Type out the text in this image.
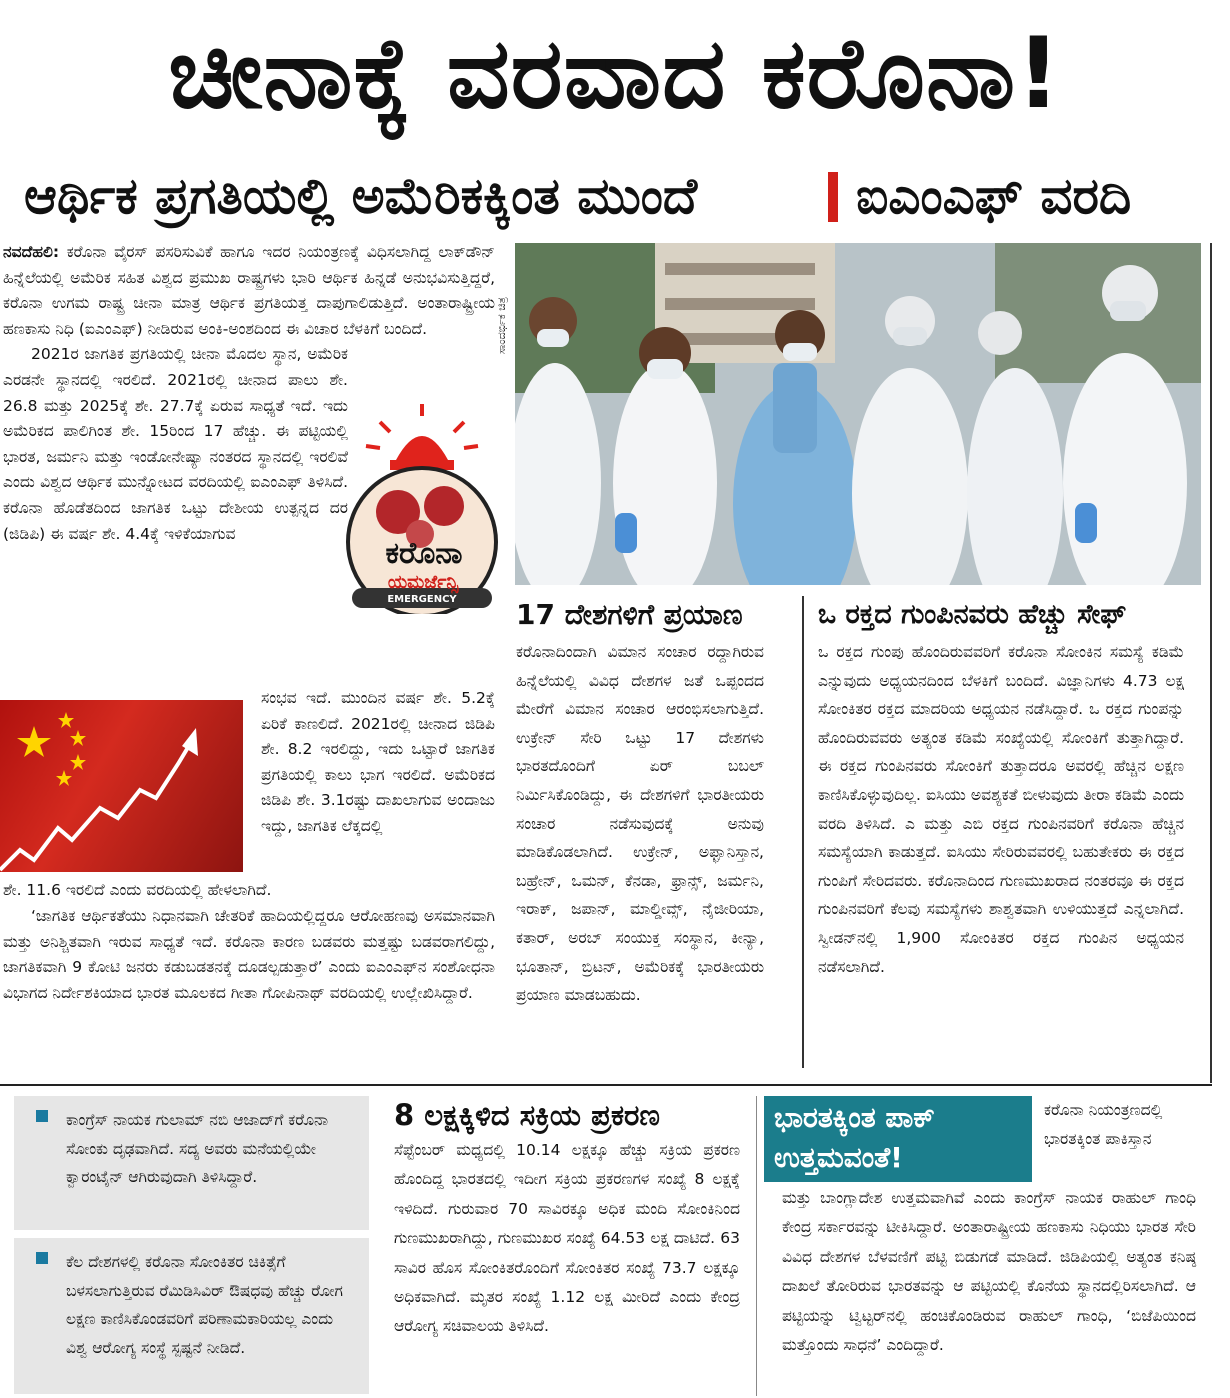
ಚೀನಾಕ್ಕೆ ವರವಾದ ಕರೊನಾ!
ಆರ್ಥಿಕ ಪ್ರಗತಿಯಲ್ಲಿ ಅಮೆರಿಕಕ್ಕಿಂತ ಮುಂದೆ	ಐಎಂಎಫ್ ವರದಿ

ನವದೆಹಲಿ: ಕರೊನಾ ವೈರಸ್ ಪಸರಿಸುವಿಕೆ ಹಾಗೂ ಇದರ ನಿಯಂತ್ರಣಕ್ಕೆ ವಿಧಿಸಲಾಗಿದ್ದ ಲಾಕ್‌ಡೌನ್ ಹಿನ್ನೆಲೆಯಲ್ಲಿ ಅಮೆರಿಕ ಸಹಿತ ವಿಶ್ವದ ಪ್ರಮುಖ ರಾಷ್ಟ್ರಗಳು ಭಾರಿ ಆರ್ಥಿಕ ಹಿನ್ನಡೆ ಅನುಭವಿಸುತ್ತಿದ್ದರೆ, ಕರೊನಾ ಉಗಮ ರಾಷ್ಟ್ರ ಚೀನಾ ಮಾತ್ರ ಆರ್ಥಿಕ ಪ್ರಗತಿಯತ್ತ ದಾಪುಗಾಲಿಡುತ್ತಿದೆ. ಅಂತಾರಾಷ್ಟ್ರೀಯ ಹಣಕಾಸು ನಿಧಿ (ಐಎಂಎಫ್) ನೀಡಿರುವ ಅಂಕಿ-ಅಂಶದಿಂದ ಈ ವಿಚಾರ ಬೆಳಕಿಗೆ ಬಂದಿದೆ.

2021ರ ಜಾಗತಿಕ ಪ್ರಗತಿಯಲ್ಲಿ ಚೀನಾ ಮೊದಲ ಸ್ಥಾನ, ಅಮೆರಿಕ ಎರಡನೇ ಸ್ಥಾನದಲ್ಲಿ ಇರಲಿದೆ. 2021ರಲ್ಲಿ ಚೀನಾದ ಪಾಲು ಶೇ. 26.8 ಮತ್ತು 2025ಕ್ಕೆ ಶೇ. 27.7ಕ್ಕೆ ಏರುವ ಸಾಧ್ಯತೆ ಇದೆ. ಇದು ಅಮೆರಿಕದ ಪಾಲಿಗಿಂತ ಶೇ. 15ರಿಂದ 17 ಹೆಚ್ಚು. ಈ ಪಟ್ಟಿಯಲ್ಲಿ ಭಾರತ, ಜರ್ಮನಿ ಮತ್ತು ಇಂಡೋನೇಷ್ಯಾ ನಂತರದ ಸ್ಥಾನದಲ್ಲಿ ಇರಲಿವೆ ಎಂದು ವಿಶ್ವದ ಆರ್ಥಿಕ ಮುನ್ನೋಟದ ವರದಿಯಲ್ಲಿ ಐಎಂಎಫ್ ತಿಳಿಸಿದೆ. ಕರೊನಾ ಹೊಡೆತದಿಂದ ಜಾಗತಿಕ ಒಟ್ಟು ದೇಶೀಯ ಉತ್ಪನ್ನದ ದರ (ಜಿಡಿಪಿ) ಈ ವರ್ಷ ಶೇ. 4.4ಕ್ಕೆ ಇಳಿಕೆಯಾಗುವ

ಸಂಭವ ಇದೆ. ಮುಂದಿನ ವರ್ಷ ಶೇ. 5.2ಕ್ಕೆ ಏರಿಕೆ ಕಾಣಲಿದೆ. 2021ರಲ್ಲಿ ಚೀನಾದ ಜಿಡಿಪಿ ಶೇ. 8.2 ಇರಲಿದ್ದು, ಇದು ಒಟ್ಟಾರೆ ಜಾಗತಿಕ ಪ್ರಗತಿಯಲ್ಲಿ ಕಾಲು ಭಾಗ ಇರಲಿದೆ. ಅಮೆರಿಕದ ಜಿಡಿಪಿ ಶೇ. 3.1ರಷ್ಟು ದಾಖಲಾಗುವ ಅಂದಾಜು ಇದ್ದು, ಜಾಗತಿಕ ಲೆಕ್ಕದಲ್ಲಿ
ಶೇ. 11.6 ಇರಲಿದೆ ಎಂದು ವರದಿಯಲ್ಲಿ ಹೇಳಲಾಗಿದೆ.

‘ಜಾಗತಿಕ ಆರ್ಥಿಕತೆಯು ನಿಧಾನವಾಗಿ ಚೇತರಿಕೆ ಹಾದಿಯಲ್ಲಿದ್ದರೂ ಆರೋಹಣವು ಅಸಮಾನವಾಗಿ ಮತ್ತು ಅನಿಶ್ಚಿತವಾಗಿ ಇರುವ ಸಾಧ್ಯತೆ ಇದೆ. ಕರೊನಾ ಕಾರಣ ಬಡವರು ಮತ್ತಷ್ಟು ಬಡವರಾಗಲಿದ್ದು, ಜಾಗತಿಕವಾಗಿ 9 ಕೋಟಿ ಜನರು ಕಡುಬಡತನಕ್ಕೆ ದೂಡಲ್ಪಡುತ್ತಾರೆ’ ಎಂದು ಐಎಂಎಫ್‌ನ ಸಂಶೋಧನಾ ವಿಭಾಗದ ನಿರ್ದೇಶಕಿಯಾದ ಭಾರತ ಮೂಲಕದ ಗೀತಾ ಗೋಪಿನಾಥ್ ವರದಿಯಲ್ಲಿ ಉಲ್ಲೇಖಿಸಿದ್ದಾರೆ.

ಸಾಂದರ್ಭಿಕ ಚಿತ್ರ
ಕರೊನಾ
ಯಮರ್ಜೆನ್ಸಿ
EMERGENCY	17 ದೇಶಗಳಿಗೆ ಪ್ರಯಾಣ
ಕರೊನಾದಿಂದಾಗಿ ವಿಮಾನ ಸಂಚಾರ ರದ್ದಾಗಿರುವ ಹಿನ್ನೆಲೆಯಲ್ಲಿ ವಿವಿಧ ದೇಶಗಳ ಜತೆ ಒಪ್ಪಂದದ ಮೇರೆಗೆ ವಿಮಾನ ಸಂಚಾರ ಆರಂಭಿಸಲಾಗುತ್ತಿದೆ. ಉಕ್ರೇನ್ ಸೇರಿ ಒಟ್ಟು 17 ದೇಶಗಳು ಭಾರತದೊಂದಿಗೆ ಏರ್ ಬಬಲ್ ನಿರ್ಮಿಸಿಕೊಂಡಿದ್ದು, ಈ ದೇಶಗಳಿಗೆ ಭಾರತೀಯರು ಸಂಚಾರ ನಡೆಸುವುದಕ್ಕೆ ಅನುವು ಮಾಡಿಕೊಡಲಾಗಿದೆ. ಉಕ್ರೇನ್, ಅಫ್ಘಾನಿಸ್ತಾನ, ಬಹ್ರೇನ್, ಒಮನ್, ಕೆನಡಾ, ಫ್ರಾನ್ಸ್, ಜರ್ಮನಿ, ಇರಾಕ್, ಜಪಾನ್, ಮಾಲ್ಡೀವ್ಸ್, ನೈಜೀರಿಯಾ, ಕತಾರ್, ಅರಬ್ ಸಂಯುಕ್ತ ಸಂಸ್ಥಾನ, ಕೀನ್ಯಾ, ಭೂತಾನ್, ಬ್ರಿಟನ್, ಅಮೆರಿಕಕ್ಕೆ ಭಾರತೀಯರು ಪ್ರಯಾಣ ಮಾಡಬಹುದು.
ಒ ರಕ್ತದ ಗುಂಪಿನವರು ಹೆಚ್ಚು ಸೇಫ್
ಒ ರಕ್ತದ ಗುಂಪು ಹೊಂದಿರುವವರಿಗೆ ಕರೊನಾ ಸೋಂಕಿನ ಸಮಸ್ಯೆ ಕಡಿಮೆ ಎನ್ನುವುದು ಅಧ್ಯಯನದಿಂದ ಬೆಳಕಿಗೆ ಬಂದಿದೆ. ವಿಜ್ಞಾನಿಗಳು 4.73 ಲಕ್ಷ ಸೋಂಕಿತರ ರಕ್ತದ ಮಾದರಿಯ ಅಧ್ಯಯನ ನಡೆಸಿದ್ದಾರೆ. ಒ ರಕ್ತದ ಗುಂಪನ್ನು ಹೊಂದಿರುವವರು ಅತ್ಯಂತ ಕಡಿಮೆ ಸಂಖ್ಯೆಯಲ್ಲಿ ಸೋಂಕಿಗೆ ತುತ್ತಾಗಿದ್ದಾರೆ. ಈ ರಕ್ತದ ಗುಂಪಿನವರು ಸೋಂಕಿಗೆ ತುತ್ತಾದರೂ ಅವರಲ್ಲಿ ಹೆಚ್ಚಿನ ಲಕ್ಷಣ ಕಾಣಿಸಿಕೊಳ್ಳುವುದಿಲ್ಲ. ಐಸಿಯು ಅವಶ್ಯಕತೆ ಬೀಳುವುದು ತೀರಾ ಕಡಿಮೆ ಎಂದು ವರದಿ ತಿಳಿಸಿದೆ. ಎ ಮತ್ತು ಎಬಿ ರಕ್ತದ ಗುಂಪಿನವರಿಗೆ ಕರೊನಾ ಹೆಚ್ಚಿನ ಸಮಸ್ಯೆಯಾಗಿ ಕಾಡುತ್ತದೆ. ಐಸಿಯು ಸೇರಿರುವವರಲ್ಲಿ ಬಹುತೇಕರು ಈ ರಕ್ತದ ಗುಂಪಿಗೆ ಸೇರಿದವರು. ಕರೊನಾದಿಂದ ಗುಣಮುಖರಾದ ನಂತರವೂ ಈ ರಕ್ತದ ಗುಂಪಿನವರಿಗೆ ಕೆಲವು ಸಮಸ್ಯೆಗಳು ಶಾಶ್ವತವಾಗಿ ಉಳಿಯುತ್ತದೆ ಎನ್ನಲಾಗಿದೆ. ಸ್ವೀಡನ್‌ನಲ್ಲಿ 1,900 ಸೋಂಕಿತರ ರಕ್ತದ ಗುಂಪಿನ ಅಧ್ಯಯನ ನಡೆಸಲಾಗಿದೆ.
ಕಾಂಗ್ರೆಸ್ ನಾಯಕ ಗುಲಾಮ್ ನಬಿ ಆಜಾದ್‌ಗೆ ಕರೊನಾ ಸೋಂಕು ದೃಢವಾಗಿದೆ. ಸದ್ಯ ಅವರು ಮನೆಯಲ್ಲಿಯೇ ಕ್ವಾರಂಟೈನ್ ಆಗಿರುವುದಾಗಿ ತಿಳಿಸಿದ್ದಾರೆ.
ಕೆಲ ದೇಶಗಳಲ್ಲಿ ಕರೊನಾ ಸೋಂಕಿತರ ಚಿಕಿತ್ಸೆಗೆ ಬಳಸಲಾಗುತ್ತಿರುವ ರೆಮಿಡಿಸಿವಿರ್ ಔಷಧವು ಹೆಚ್ಚು ರೋಗ ಲಕ್ಷಣ ಕಾಣಿಸಿಕೊಂಡವರಿಗೆ ಪರಿಣಾಮಕಾರಿಯಲ್ಲ ಎಂದು ವಿಶ್ವ ಆರೋಗ್ಯ ಸಂಸ್ಥೆ ಸ್ಪಷ್ಟನೆ ನೀಡಿದೆ.
8 ಲಕ್ಷಕ್ಕಿಳಿದ ಸಕ್ರಿಯ ಪ್ರಕರಣ
ಸೆಪ್ಟೆಂಬರ್ ಮಧ್ಯದಲ್ಲಿ 10.14 ಲಕ್ಷಕ್ಕೂ ಹೆಚ್ಚು ಸಕ್ರಿಯ ಪ್ರಕರಣ ಹೊಂದಿದ್ದ ಭಾರತದಲ್ಲಿ ಇದೀಗ ಸಕ್ರಿಯ ಪ್ರಕರಣಗಳ ಸಂಖ್ಯೆ 8 ಲಕ್ಷಕ್ಕೆ ಇಳಿದಿದೆ. ಗುರುವಾರ 70 ಸಾವಿರಕ್ಕೂ ಅಧಿಕ ಮಂದಿ ಸೋಂಕಿನಿಂದ ಗುಣಮುಖರಾಗಿದ್ದು, ಗುಣಮುಖರ ಸಂಖ್ಯೆ 64.53 ಲಕ್ಷ ದಾಟಿದೆ. 63 ಸಾವಿರ ಹೊಸ ಸೋಂಕಿತರೊಂದಿಗೆ ಸೋಂಕಿತರ ಸಂಖ್ಯೆ 73.7 ಲಕ್ಷಕ್ಕೂ ಅಧಿಕವಾಗಿದೆ. ಮೃತರ ಸಂಖ್ಯೆ 1.12 ಲಕ್ಷ ಮೀರಿದೆ ಎಂದು ಕೇಂದ್ರ ಆರೋಗ್ಯ ಸಚಿವಾಲಯ ತಿಳಿಸಿದೆ.
ಭಾರತಕ್ಕಿಂತ ಪಾಕ್ ಉತ್ತಮವಂತೆ!
ಕರೊನಾ ನಿಯಂತ್ರಣದಲ್ಲಿ ಭಾರತಕ್ಕಿಂತ ಪಾಕಿಸ್ತಾನ
ಮತ್ತು ಬಾಂಗ್ಲಾದೇಶ ಉತ್ತಮವಾಗಿವೆ ಎಂದು ಕಾಂಗ್ರೆಸ್ ನಾಯಕ ರಾಹುಲ್ ಗಾಂಧಿ ಕೇಂದ್ರ ಸರ್ಕಾರವನ್ನು ಟೀಕಿಸಿದ್ದಾರೆ. ಅಂತಾರಾಷ್ಟ್ರೀಯ ಹಣಕಾಸು ನಿಧಿಯು ಭಾರತ ಸೇರಿ ವಿವಿಧ ದೇಶಗಳ ಬೆಳವಣಿಗೆ ಪಟ್ಟಿ ಬಿಡುಗಡೆ ಮಾಡಿದೆ. ಜಿಡಿಪಿಯಲ್ಲಿ ಅತ್ಯಂತ ಕನಿಷ್ಠ ದಾಖಲೆ ತೋರಿರುವ ಭಾರತವನ್ನು ಆ ಪಟ್ಟಿಯಲ್ಲಿ ಕೊನೆಯ ಸ್ಥಾನದಲ್ಲಿರಿಸಲಾಗಿದೆ. ಆ ಪಟ್ಟಿಯನ್ನು ಟ್ವಿಟ್ಟರ್‌ನಲ್ಲಿ ಹಂಚಿಕೊಂಡಿರುವ ರಾಹುಲ್ ಗಾಂಧಿ, ‘ಬಿಜೆಪಿಯಿಂದ ಮತ್ತೊಂದು ಸಾಧನೆ’ ಎಂದಿದ್ದಾರೆ.
